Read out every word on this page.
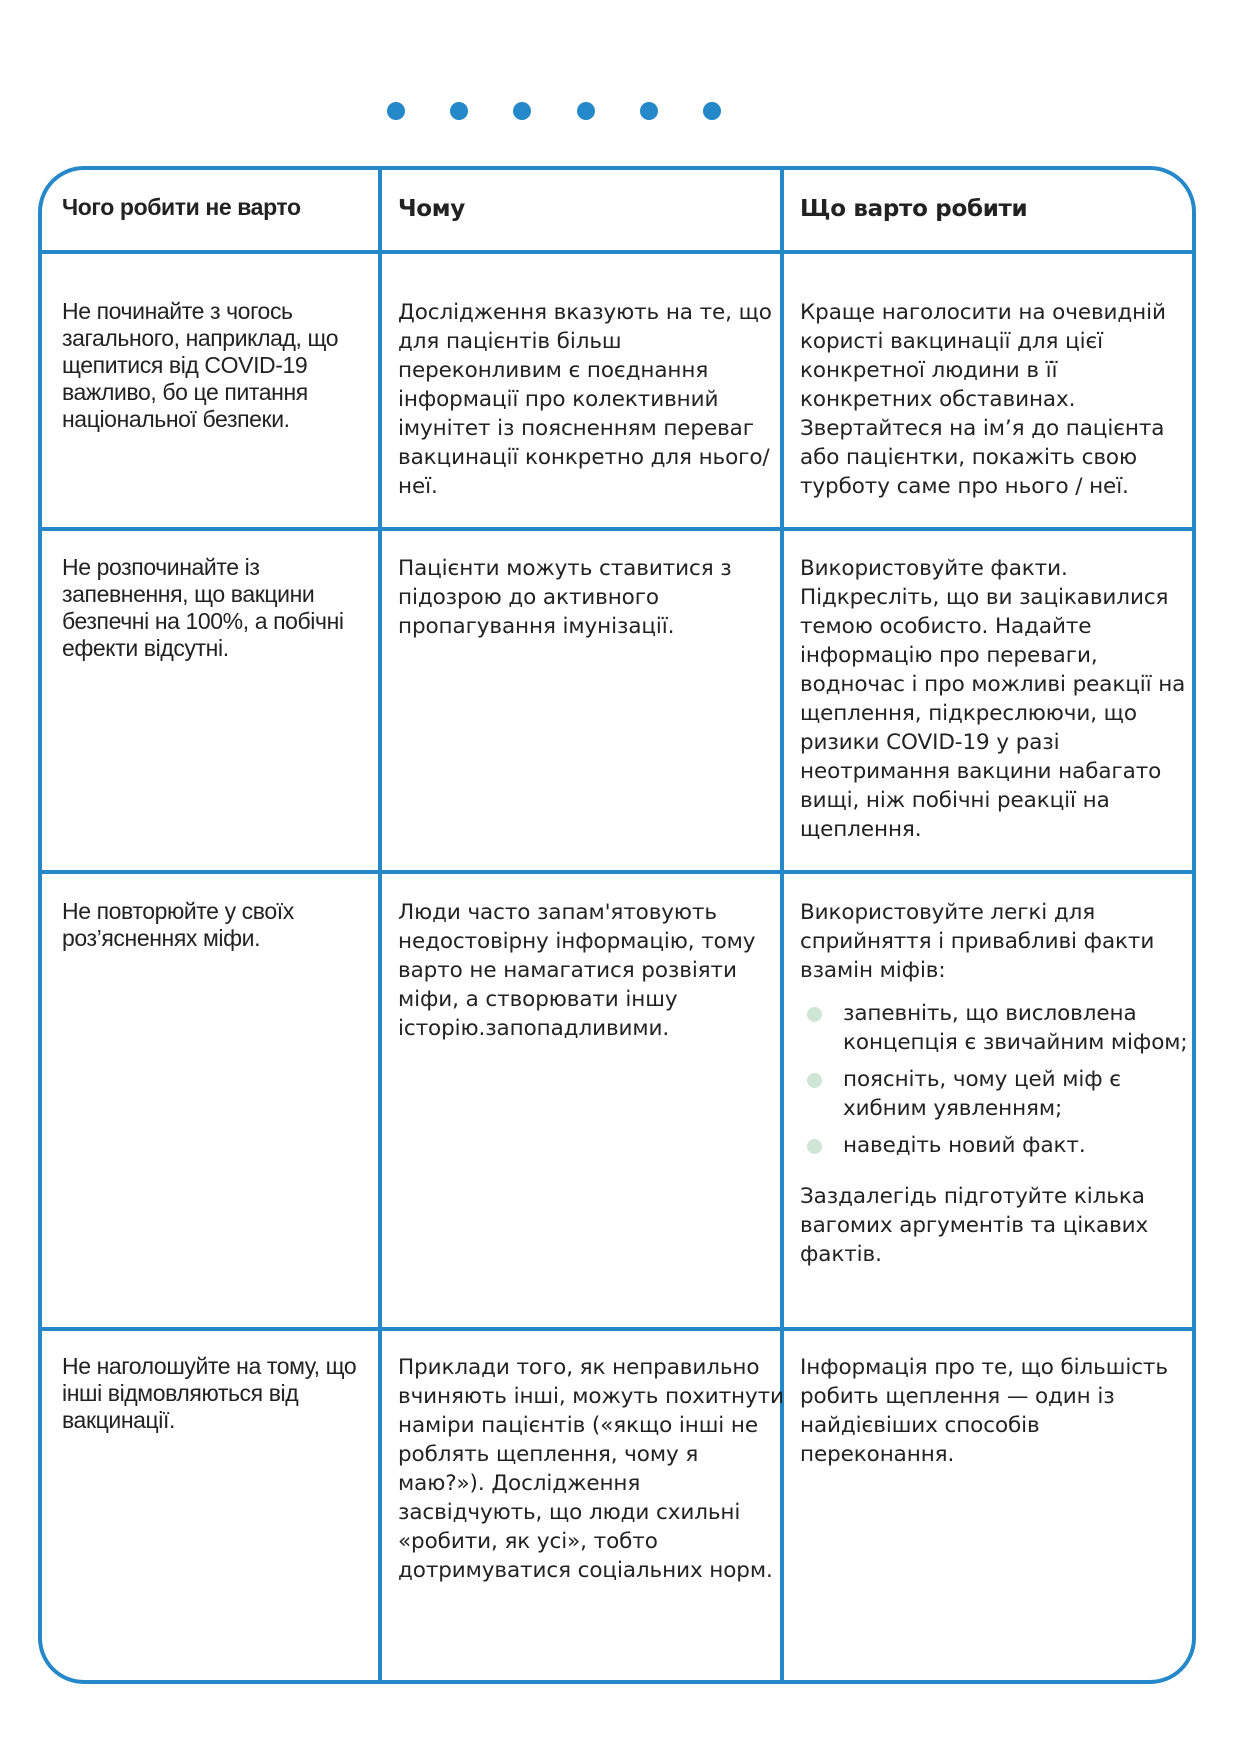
Чого робити не варто	Чому	Що варто робити
Не починайте з чогось загального, наприклад, що щепитися від COVID-19 важливо, бо це питання національної безпеки.
Дослідження вказують на те, що для пацієнтів більш переконливим є поєднання інформації про колективний імунітет із поясненням переваг вакцинації конкретно для нього/неї.
Краще наголосити на очевидній користі вакцинації для цієї конкретної людини в її конкретних обставинах. Звертайтеся на ім’я до пацієнта або пацієнтки, покажіть свою турботу саме про нього / неї.
Не розпочинайте із запевнення, що вакцини безпечні на 100%, а побічні ефекти відсутні.
Пацієнти можуть ставитися з підозрою до активного пропагування імунізації.
Використовуйте факти. Підкресліть, що ви зацікавилися темою особисто. Надайте інформацію про переваги, водночас і про можливі реакції на щеплення, підкреслюючи, що ризики COVID-19 у разі неотримання вакцини набагато вищі, ніж побічні реакції на щеплення.
Не повторюйте у своїх роз’ясненнях міфи.
Люди часто запам'ятовують недостовірну інформацію, тому варто не намагатися розвіяти міфи, а створювати іншу історію.запопадливими.

Використовуйте легкі для сприйняття і привабливі факти взамін міфів:

запевніть, що висловлена концепція є звичайним міфом;
поясніть, чому цей міф є хибним уявленням;
наведіть новий факт.

Заздалегідь підготуйте кілька вагомих аргументів та цікавих фактів.

Не наголошуйте на тому, що інші відмовляються від вакцинації.
Приклади того, як неправильно вчиняють інші, можуть похитнути наміри пацієнтів («якщо інші не роблять щеплення, чому я маю?»). Дослідження засвідчують, що люди схильні «робити, як усі», тобто дотримуватися соціальних норм.
Інформація про те, що більшість робить щеплення — один із найдієвіших способів переконання.
